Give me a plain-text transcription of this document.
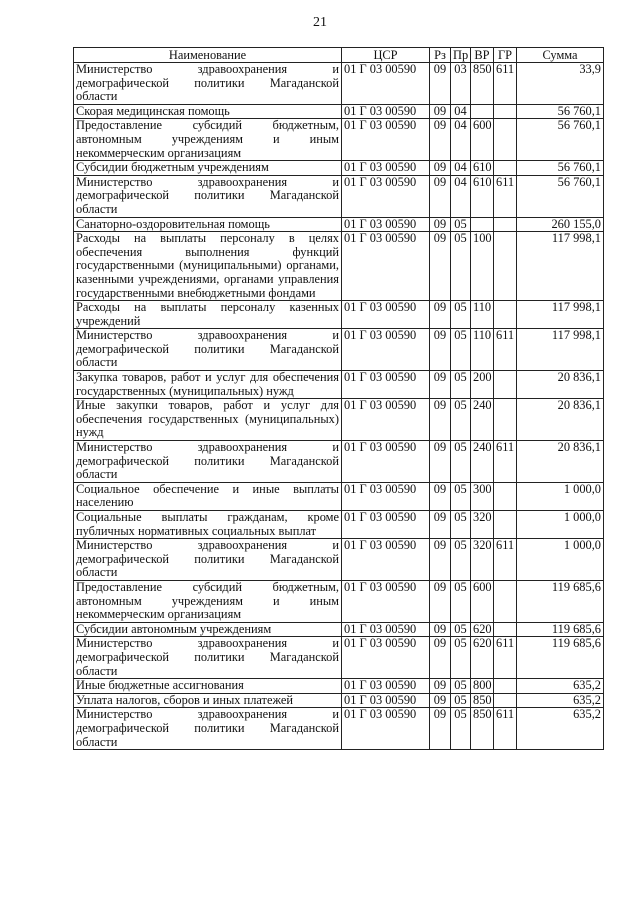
21
Наименование	ЦСР	Рз	Пр	ВР	ГР	Сумма
Министерство здравоохранения и демографической политики Магаданской области	01 Г 03 00590	09	03	850	611	33,9
Скорая медицинская помощь	01 Г 03 00590	09	04			56 760,1
Предоставление субсидий бюджетным, автономным учреждениям и иным некоммерческим организациям	01 Г 03 00590	09	04	600		56 760,1
Субсидии бюджетным учреждениям	01 Г 03 00590	09	04	610		56 760,1
Министерство здравоохранения и демографической политики Магаданской области	01 Г 03 00590	09	04	610	611	56 760,1
Санаторно-оздоровительная помощь	01 Г 03 00590	09	05			260 155,0
Расходы на выплаты персоналу в целях обеспечения выполнения функций государственными (муниципальными) органами, казенными учреждениями, органами управления государственными внебюджетными фондами	01 Г 03 00590	09	05	100		117 998,1
Расходы на выплаты персоналу казенных учреждений	01 Г 03 00590	09	05	110		117 998,1
Министерство здравоохранения и демографической политики Магаданской области	01 Г 03 00590	09	05	110	611	117 998,1
Закупка товаров, работ и услуг для обеспечения государственных (муниципальных) нужд	01 Г 03 00590	09	05	200		20 836,1
Иные закупки товаров, работ и услуг для обеспечения государственных (муниципальных) нужд	01 Г 03 00590	09	05	240		20 836,1
Министерство здравоохранения и демографической политики Магаданской области	01 Г 03 00590	09	05	240	611	20 836,1
Социальное обеспечение и иные выплаты населению	01 Г 03 00590	09	05	300		1 000,0
Социальные выплаты гражданам, кроме публичных нормативных социальных выплат	01 Г 03 00590	09	05	320		1 000,0
Министерство здравоохранения и демографической политики Магаданской области	01 Г 03 00590	09	05	320	611	1 000,0
Предоставление субсидий бюджетным, автономным учреждениям и иным некоммерческим организациям	01 Г 03 00590	09	05	600		119 685,6
Субсидии автономным учреждениям	01 Г 03 00590	09	05	620		119 685,6
Министерство здравоохранения и демографической политики Магаданской области	01 Г 03 00590	09	05	620	611	119 685,6
Иные бюджетные ассигнования	01 Г 03 00590	09	05	800		635,2
Уплата налогов, сборов и иных платежей	01 Г 03 00590	09	05	850		635,2
Министерство здравоохранения и демографической политики Магаданской области	01 Г 03 00590	09	05	850	611	635,2
